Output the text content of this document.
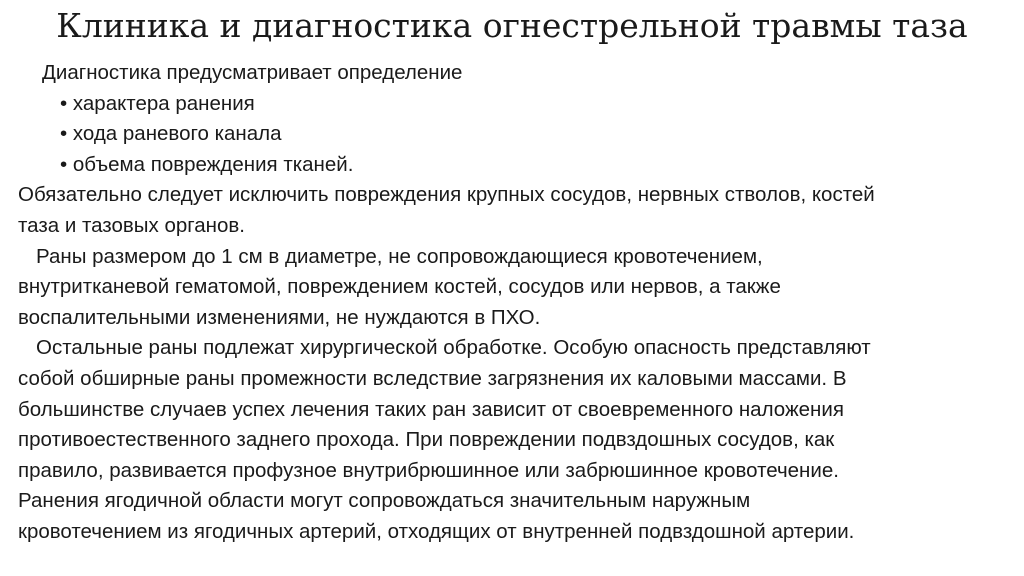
Клиника и диагностика огнестрельной травмы таза

Диагностика предусматривает определение

• характера ранения

• хода раневого канала

• объема повреждения тканей.

Обязательно следует исключить повреждения крупных сосудов, нервных стволов, костей

таза и тазовых органов.

Раны размером до 1 см в диаметре, не сопровождающиеся кровотечением,

внутритканевой гематомой, повреждением костей, сосудов или нервов, а также

воспалительными изменениями, не нуждаются в ПХО.

Остальные раны подлежат хирургической обработке. Особую опасность представляют

собой обширные раны промежности вследствие загрязнения их каловыми массами. В

большинстве случаев успех лечения таких ран зависит от своевременного наложения

противоестественного заднего прохода. При повреждении подвздошных сосудов, как

правило, развивается профузное внутрибрюшинное или забрюшинное кровотечение.

Ранения ягодичной области могут сопровождаться значительным наружным

кровотечением из ягодичных артерий, отходящих от внутренней подвздошной артерии.
